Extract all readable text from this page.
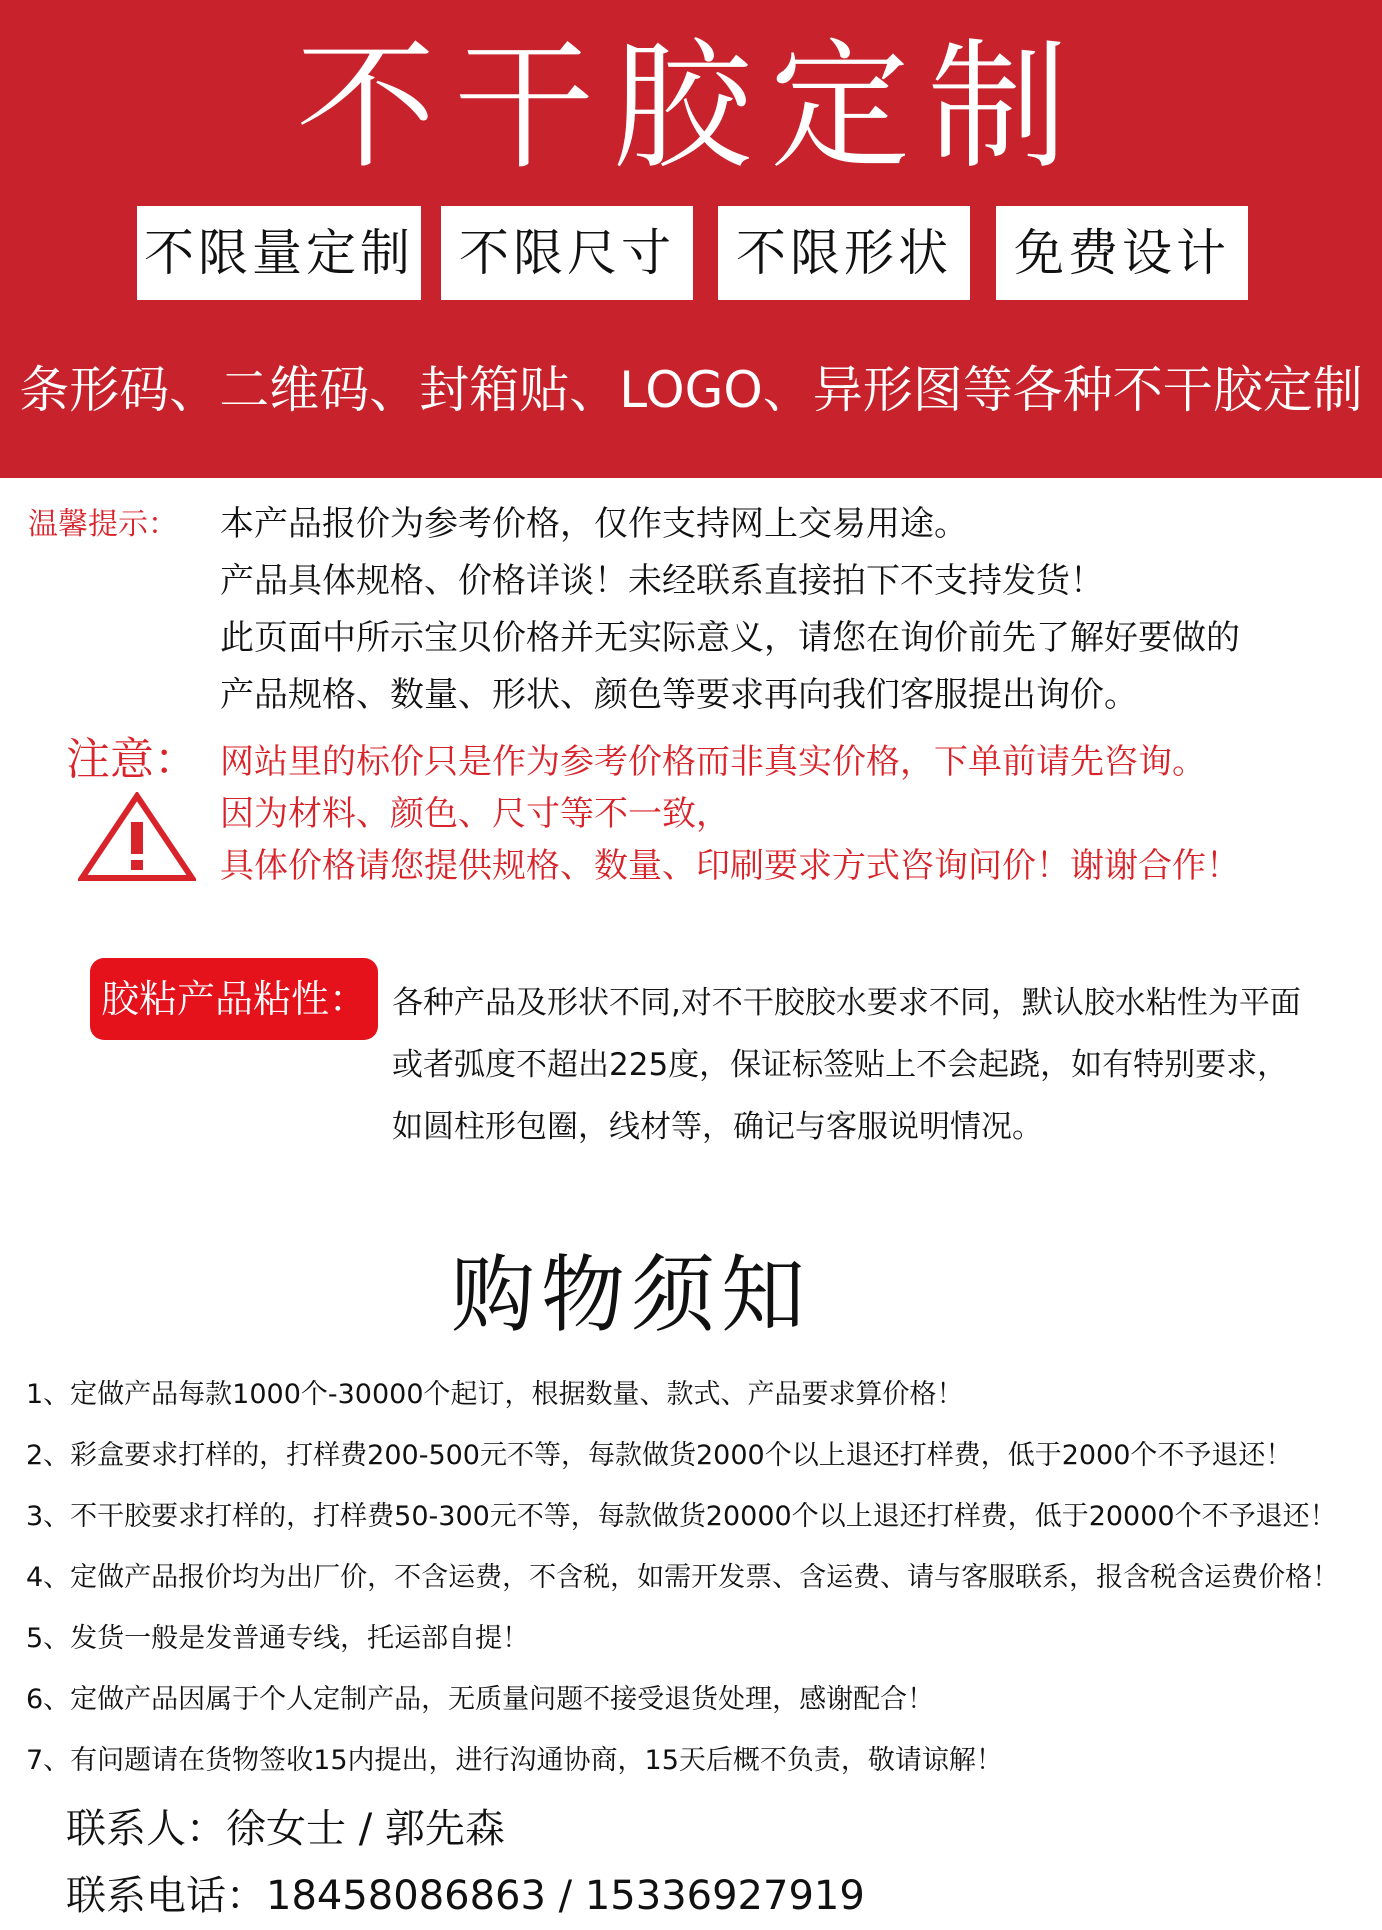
不干胶定制
不限量定制 不限尺寸	不限形状	免费设计
条形码、二维码、封箱贴、LOGO、异形图等各种不干胶定制
温馨提示： 本产品报价为参考价格，仅作支持网上交易用途。
产品具体规格、价格详谈！未经联系直接拍下不支持发货！
此页面中所示宝贝价格并无实际意义，请您在询价前先了解好要做的
产品规格、数量、形状、颜色等要求再向我们客服提出询价。
注意： 网站里的标价只是作为参考价格而非真实价格，下单前请先咨询。
因为材料、颜色、尺寸等不一致，
具体价格请您提供规格、数量、印刷要求方式咨询问价！谢谢合作！
胶粘产品粘性： 各种产品及形状不同,对不干胶胶水要求不同，默认胶水粘性为平面
或者弧度不超出225度，保证标签贴上不会起跷，如有特别要求，
如圆柱形包圈，线材等，确记与客服说明情况。
购物须知
1、定做产品每款1000个-30000个起订，根据数量、款式、产品要求算价格！
2、彩盒要求打样的，打样费200-500元不等，每款做货2000个以上退还打样费，低于2000个不予退还！
3、不干胶要求打样的，打样费50-300元不等，每款做货20000个以上退还打样费，低于20000个不予退还！
4、定做产品报价均为出厂价，不含运费，不含税，如需开发票、含运费、请与客服联系，报含税含运费价格！
5、发货一般是发普通专线，托运部自提！
6、定做产品因属于个人定制产品，无质量问题不接受退货处理，感谢配合！
7、有问题请在货物签收15内提出，进行沟通协商，15天后概不负责，敬请谅解！
联系人：徐女士 / 郭先森
联系电话：18458086863 / 15336927919
